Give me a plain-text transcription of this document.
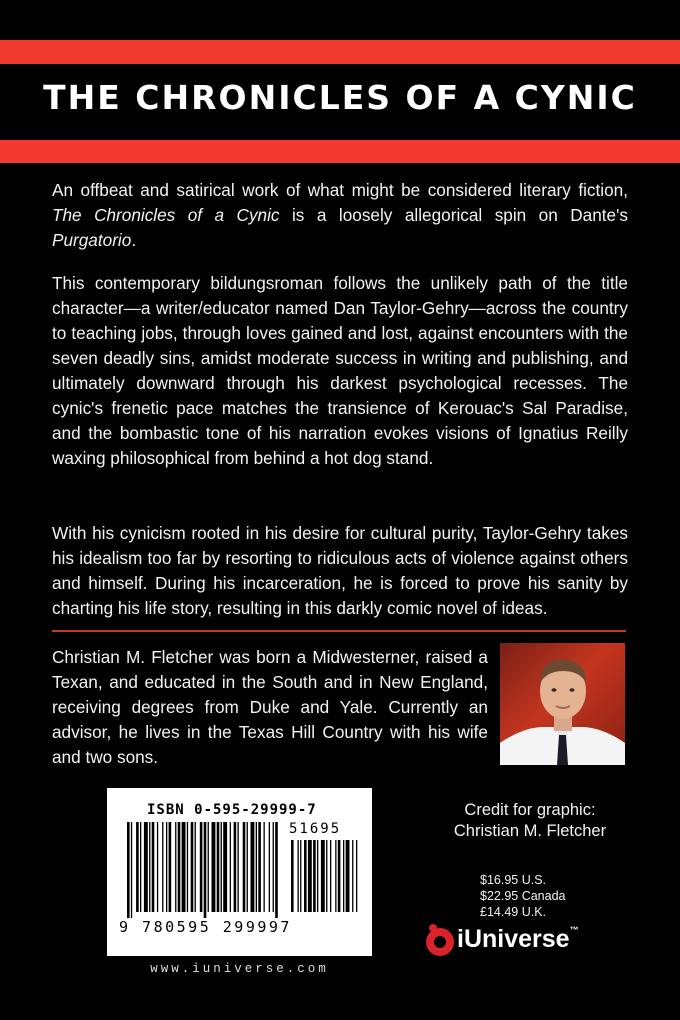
THE CHRONICLES OF A CYNIC
An offbeat and satirical work of what might be considered literary fiction, The Chronicles of a Cynic is a loosely allegorical spin on Dante's Purgatorio.
This contemporary bildungsroman follows the unlikely path of the title character—a writer/educator named Dan Taylor-Gehry—across the country to teaching jobs, through loves gained and lost, against encounters with the seven deadly sins, amidst moderate success in writing and publishing, and ultimately downward through his darkest psychological recesses. The cynic's frenetic pace matches the transience of Kerouac's Sal Paradise, and the bombastic tone of his narration evokes visions of Ignatius Reilly waxing philosophical from behind a hot dog stand.
With his cynicism rooted in his desire for cultural purity, Taylor-Gehry takes his idealism too far by resorting to ridiculous acts of violence against others and himself. During his incarceration, he is forced to prove his sanity by charting his life story, resulting in this darkly comic novel of ideas.
Christian M. Fletcher was born a Midwesterner, raised a Texan, and educated in the South and in New England, receiving degrees from Duke and Yale. Currently an advisor, he lives in the Texas Hill Country with his wife and two sons.
ISBN 0-595-29999-7
51695
9 780595 299997
www.iuniverse.com
Credit for graphic:
Christian M. Fletcher
$16.95 U.S.
$22.95 Canada
£14.49 U.K.
iUniverse™
